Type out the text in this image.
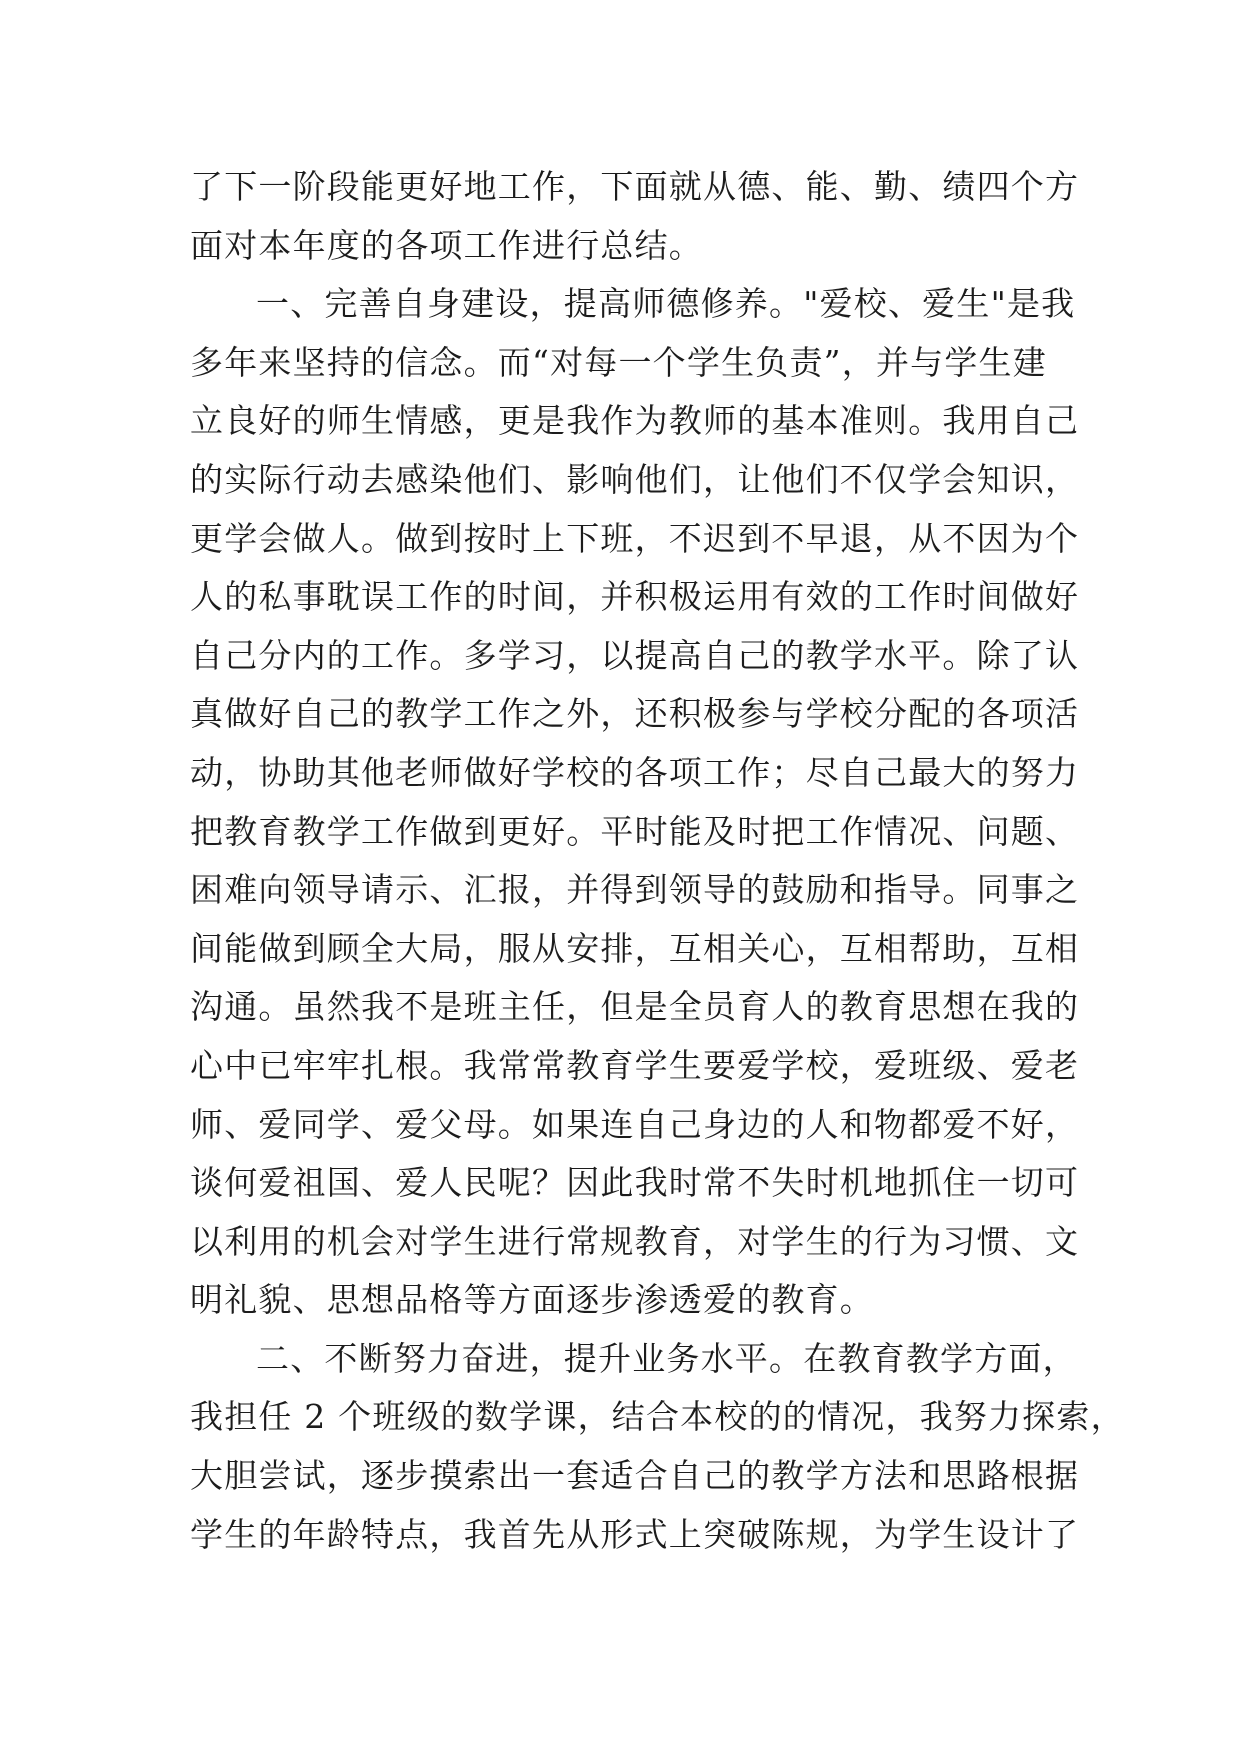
了下一阶段能更好地工作，下面就从德、能、勤、绩四个方
面对本年度的各项工作进行总结。
一、完善自身建设，提高师德修养。"爱校、爱生"是我
多年来坚持的信念。而“对每一个学生负责”，并与学生建
立良好的师生情感，更是我作为教师的基本准则。我用自己
的实际行动去感染他们、影响他们，让他们不仅学会知识，
更学会做人。做到按时上下班，不迟到不早退，从不因为个
人的私事耽误工作的时间，并积极运用有效的工作时间做好
自己分内的工作。多学习，以提高自己的教学水平。除了认
真做好自己的教学工作之外，还积极参与学校分配的各项活
动，协助其他老师做好学校的各项工作；尽自己最大的努力
把教育教学工作做到更好。平时能及时把工作情况、问题、
困难向领导请示、汇报，并得到领导的鼓励和指导。同事之
间能做到顾全大局，服从安排，互相关心，互相帮助，互相
沟通。虽然我不是班主任，但是全员育人的教育思想在我的
心中已牢牢扎根。我常常教育学生要爱学校，爱班级、爱老
师、爱同学、爱父母。如果连自己身边的人和物都爱不好，
谈何爱祖国、爱人民呢？因此我时常不失时机地抓住一切可
以利用的机会对学生进行常规教育，对学生的行为习惯、文
明礼貌、思想品格等方面逐步渗透爱的教育。
二、不断努力奋进，提升业务水平。在教育教学方面，
我担任 2 个班级的数学课，结合本校的的情况，我努力探索，
大胆尝试，逐步摸索出一套适合自己的教学方法和思路根据
学生的年龄特点，我首先从形式上突破陈规，为学生设计了
